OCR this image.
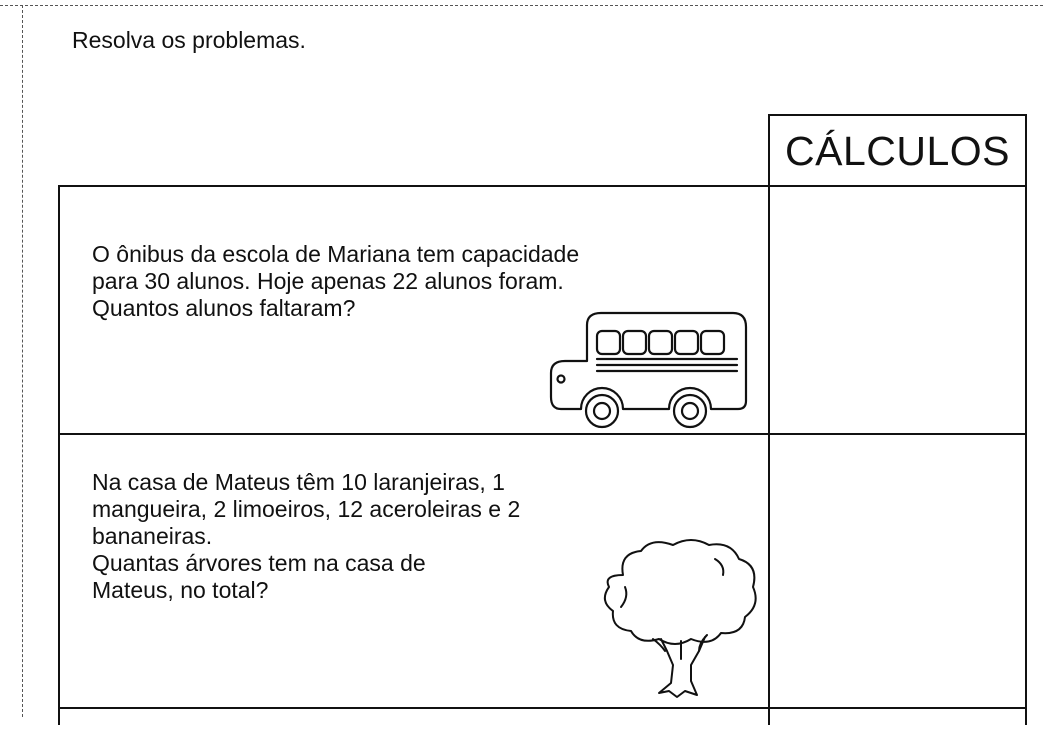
Resolva os problemas.
CÁLCULOS

O ônibus da escola de Mariana tem capacidade

para 30 alunos. Hoje apenas 22 alunos foram.

Quantos alunos faltaram?

Na casa de Mateus têm 10 laranjeiras, 1

mangueira, 2 limoeiros, 12 aceroleiras e 2

bananeiras.

Quantas árvores tem na casa de

Mateus, no total?
